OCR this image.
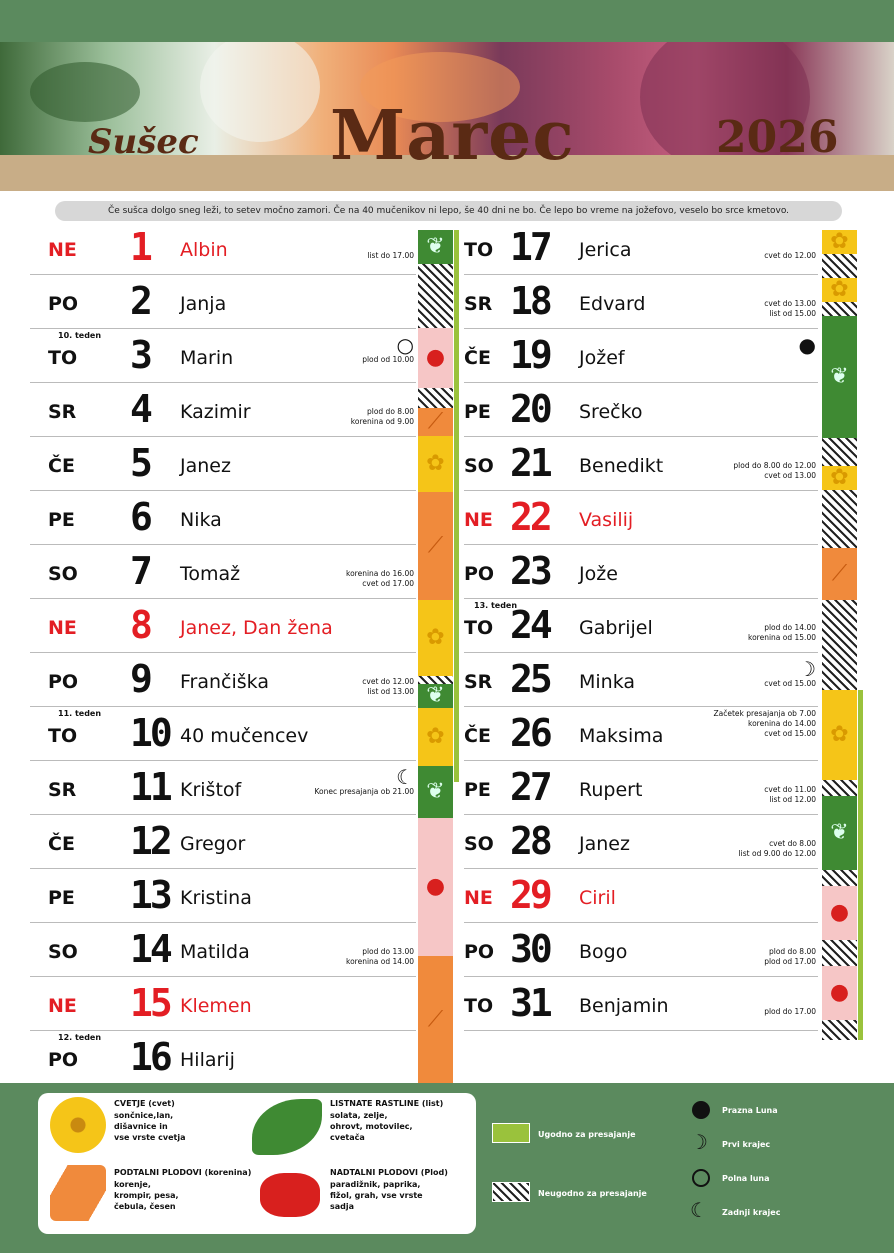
Sušec Marec	2026
Če sušca dolgo sneg leži, to setev močno zamori. Če na 40 mučenikov ni lepo, še 40 dni ne bo. Če lepo bo vreme na jožefovo, veselo bo srce kmetovo.
NE 1 Albin	list do 17.00
PO 2 Janja
10. teden
TO 3 Marin
○
plod od 10.00
SR 4 Kazimir	plod do 8.00
korenina od 9.00
ČE 5 Janez
PE 6 Nika
SO 7 Tomaž	korenina do 16.00
cvet od 17.00
NE 8 Janez, Dan žena
PO 9 Frančiška	cvet do 12.00
list od 13.00
11. teden
TO 10 40 mučencev
SR 11 Krištof
☾
Konec presajanja ob 21.00
ČE 12 Gregor
PE 13 Kristina
SO 14 Matilda	plod do 13.00
korenina od 14.00
NE 15 Klemen
12. teden
PO 16 Hilarij
TO 17 Jerica	cvet do 12.00
SR 18 Edvard	cvet do 13.00
list od 15.00
ČE 19 Jožef
●
PE 20 Srečko
SO 21 Benedikt	plod do 8.00 do 12.00
cvet od 13.00
NE 22 Vasilij
PO 23 Jože
13. teden
TO 24 Gabrijel	plod do 14.00
korenina od 15.00
SR 25 Minka
☽
cvet od 15.00
ČE 26 Maksima
Začetek presajanja ob 7.00
korenina do 14.00
cvet od 15.00
PE 27 Rupert	cvet do 11.00
list od 12.00
SO 28 Janez	cvet do 8.00
list od 9.00 do 12.00
NE 29 Ciril
PO 30 Bogo	plod do 8.00
plod od 17.00
TO 31 Benjamin	plod do 17.00
❦
●
⟋
✿
⟋
✿
❦
✿
❦
●
⟋
✿
✿
❦
✿
⟋
✿
❦
●
●
CVETJE (cvet)
sončnice,lan,
dišavnice in
vse vrste cvetja
PODTALNI PLODOVI (korenina)
korenje,
krompir, pesa,
čebula, česen
LISTNATE RASTLINE (list)
solata, zelje,
ohrovt, motovilec,
cvetača
NADTALNI PLODOVI (Plod)
paradižnik, paprika,
fižol, grah, vse vrste
sadja
Ugodno za presajanje
Neugodno za presajanje
Prazna Luna
☽ Prvi krajec
Polna luna
☾ Zadnji krajec
